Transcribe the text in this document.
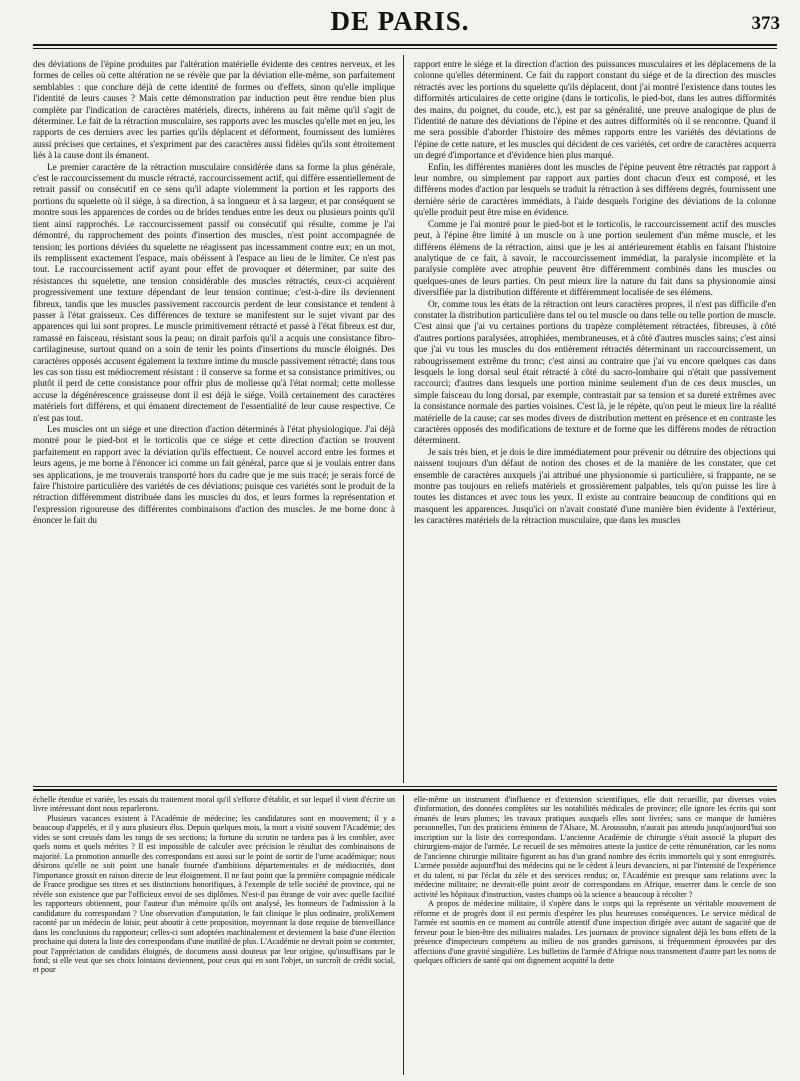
DE PARIS.	373

des déviations de l'épine produites par l'altération matérielle évidente des centres nerveux, et les formes de celles où cette altération ne se révèle que par la déviation elle-même, son parfaitement semblables : que conclure déjà de cette identité de formes ou d'effets, sinon qu'elle implique l'identité de leurs causes ? Mais cette démonstration par induction peut être rendue bien plus complète par l'indication de caractères matériels, directs, inhérens au fait même qu'il s'agit de déterminer. Le fait de la rétraction musculaire, ses rapports avec les muscles qu'elle met en jeu, les rapports de ces derniers avec les parties qu'ils déplacent et déforment, fournissent des lumières aussi précises que certaines, et s'expriment par des caractères aussi fidèles qu'ils sont étroitement liés à la cause dont ils émanent.

Le premier caractère de la rétraction musculaire considérée dans sa forme la plus générale, c'est le raccourcissement du muscle rétracté, raccourcissement actif, qui diffère essentiellement de retrait passif ou consécutif en ce sens qu'il adapte violemment la portion et les rapports des portions du squelette où il siége, à sa direction, à sa longueur et à sa largeur, et par conséquent se montre sous les apparences de cordes ou de brides tendues entre les deux ou plusieurs points qu'il tient ainsi rapprochés. Le raccourcissement passif ou consécutif qui résulte, comme je l'ai démontré, du rapprochement des points d'insertion des muscles, n'est point accompagnée de tension; les portions déviées du squelette ne réagissent pas incessamment contre eux; en un mot, ils remplissent exactement l'espace, mais obéissent à l'espace au lieu de le limiter. Ce n'est pas tout. Le raccourcissement actif ayant pour effet de provoquer et déterminer, par suite des résistances du squelette, une tension considérable des muscles rétractés, ceux-ci acquièrent progressivement une texture dépendant de leur tension continue; c'est-à-dire ils deviennent fibreux, tandis que les muscles passivement raccourcis perdent de leur consistance et tendent à passer à l'état graisseux. Ces différences de texture se manifestent sur le sujet vivant par des apparences qui lui sont propres. Le muscle primitivement rétracté et passé à l'état fibreux est dur, ramassé en faisceau, résistant sous la peau; on dirait parfois qu'il a acquis une consistance fibro-cartilagineuse, surtout quand on a soin de tenir les points d'insertions du muscle éloignés. Des caractères opposés accusent également la texture intime du muscle passivement rétracté; dans tous les cas son tissu est médiocrement résistant : il conserve sa forme et sa consistance primitives, ou plutôt il perd de cette consistance pour offrir plus de mollesse qu'à l'état normal; cette mollesse accuse la dégénérescence graisseuse dont il est déjà le siége. Voilà certainement des caractères matériels fort différens, et qui émanent directement de l'essentialité de leur cause respective. Ce n'est pas tout.

Les muscles ont un siége et une direction d'action déterminés à l'état physiologique. J'ai déjà montré pour le pied-bot et le torticolis que ce siége et cette direction d'action se trouvent parfaitement en rapport avec la déviation qu'ils effectuent. Ce nouvel accord entre les formes et leurs agens, je me borne à l'énoncer ici comme un fait général, parce que si je voulais entrer dans ses applications, je me trouverais transporté hors du cadre que je me suis tracé; je serais forcé de faire l'histoire particulière des variétés de ces déviations; puisque ces variétés sont le produit de la rétraction différemment distribuée dans les muscles du dos, et leurs formes la représentation et l'expression rigoureuse des différentes combinaisons d'action des muscles. Je me borne donc à énoncer le fait du

rapport entre le siége et la direction d'action des puissances musculaires et les déplacemens de la colonne qu'elles déterminent. Ce fait du rapport constant du siége et de la direction des muscles rétractés avec les portions du squelette qu'ils déplacent, dont j'ai montré l'existence dans toutes les difformités articulaires de cette origine (dans le torticolis, le pied-bot, dans les autres difformités des mains, du poignet, du coude, etc.), est par sa généralité, une preuve analogique de plus de l'identité de nature des déviations de l'épine et des autres difformités où il se rencontre. Quand il me sera possible d'aborder l'histoire des mêmes rapports entre les variétés des déviations de l'épine de cette nature, et les muscles qui décident de ces variétés, cet ordre de caractères acquerra un degré d'importance et d'évidence bien plus marqué.

Enfin, les différentes manières dont les muscles de l'épine peuvent être rétractés par rapport à leur nombre, ou simplement par rapport aux parties dont chacun d'eux est composé, et les différens modes d'action par lesquels se traduit la rétraction à ses différens degrés, fournissent une dernière série de caractères immédiats, à l'aide desquels l'origine des déviations de la colonne qu'elle produit peut être mise en évidence.

Comme je l'ai montré pour le pied-bot et le torticolis, le raccourcissement actif des muscles peut, à l'épine être limité à un muscle ou à une portion seulement d'un même muscle, et les différens élémens de la rétraction, ainsi que je les ai antérieurement établis en faisant l'histoire analytique de ce fait, à savoir, le raccourcissement immédiat, la paralysie incomplète et la paralysie complète avec atrophie peuvent être différemment combinés dans les muscles ou quelques-unes de leurs parties. On peut mieux lire la nature du fait dans sa physionomie ainsi diversifiée par la distribution différente et différemment localisée de ses élémens.

Or, comme tous les états de la rétraction ont leurs caractères propres, il n'est pas difficile d'en constater la distribution particulière dans tel ou tel muscle ou dans telle ou telle portion de muscle. C'est ainsi que j'ai vu certaines portions du trapèze complètement rétractées, fibreuses, à côté d'autres portions paralysées, atrophiées, membraneuses, et à côté d'autres muscles sains; c'est ainsi que j'ai vu tous les muscles du dos entièrement rétractés déterminant un raccourcissement, un rabougrissement extrême du tronc; c'est ainsi au contraire que j'ai vu encore quelques cas dans lesquels le long dorsal seul était rétracté à côté du sacro-lombaire qui n'était que passivement raccourci; d'autres dans lesquels une portion minime seulement d'un de ces deux muscles, un simple faisceau du long dorsal, par exemple, contrastait par sa tension et sa dureté extrêmes avec la consistance normale des parties voisines. C'est là, je le répète, qu'on peut le mieux lire la réalité matérielle de la cause; car ses modes divers de distribution mettent en présence et en contraste les caractères opposés des modifications de texture et de forme que les différens modes de rétraction déterminent.

Je sais très bien, et je dois le dire immédiatement pour prévenir ou détruire des objections qui naissent toujours d'un défaut de notion des choses et de la manière de les constater, que cet ensemble de caractères auxquels j'ai attribué une physionomie si particulière, si frappante, ne se montre pas toujours en reliefs matériels et grossièrement palpables, tels qu'on puisse les lire à toutes les distances et avec tous les yeux. Il existe au contraire beaucoup de conditions qui en masquent les apparences. Jusqu'ici on n'avait constaté d'une manière bien évidente à l'extérieur, les caractères matériels de la rétraction musculaire, que dans les muscles

échelle étendue et variée, les essais du traitement moral qu'il s'efforce d'établir, et sur lequel il vient d'écrire un livre intéressant dont nous reparlerons.

Plusieurs vacances existent à l'Académie de médecine; les candidatures sont en mouvement; il y a beaucoup d'appelés, et il y aura plusieurs élus. Depuis quelques mois, la mort a visité souvent l'Académie; des vides se sont creusés dans les rangs de ses sections; la fortune du scrutin ne tardera pas à les combler, avec quels noms et quels mérites ? Il est impossible de calculer avec précision le résultat des combinaisons de majorité. La promotion annuelle des correspondans est aussi sur le point de sortir de l'urne académique; nous désirons qu'elle ne soit point une banale fournée d'ambitions départementales et de médiocrités, dont l'importance grossit en raison directe de leur éloignement. Il ne faut point que la première compagnie médicale de France prodigue ses titres et ses distinctions honorifiques, à l'exemple de telle société de province, qui ne révèle son existence que par l'officieux envoi de ses diplômes. N'est-il pas étrange de voir avec quelle facilité les rapporteurs obtiennent, pour l'auteur d'un mémoire qu'ils ont analysé, les honneurs de l'admission à la candidature du correspondant ? Une observation d'amputation, le fait clinique le plus ordinaire, proliXement raconté par un médecin de loisir, peut aboutir à cette proposition, moyennant la dose requise de bienveillance dans les conclusions du rapporteur; celles-ci sont adoptées machinalement et deviennent la base d'une élection prochaine qui dotera la liste des correspondans d'une inutilité de plus. L'Académie ne devrait point se contenter, pour l'appréciation de candidats éloignés, de documens aussi douteux par leur origine, qu'insuffisans par le fond; si elle veut que ses choix lointains deviennent, pour ceux qui en sont l'objet, un surcroît de crédit social, et pour

elle-même un instrument d'influence et d'extension scientifiques, elle doit recueillir, par diverses voies d'information, des données complètes sur les notabilités médicales de province; elle ignore les écrits qui sont émanés de leurs plumes; les travaux pratiques auxquels elles sont livrées; sans ce manque de lumières personnelles, l'un des praticiens éminens de l'Alsace, M. Aroussohn, n'aurait pas attendu jusqu'aujourd'hui son inscription sur la liste des correspondans. L'ancienne Académie de chirurgie s'était associé la plupart des chirurgiens-major de l'armée. Le recueil de ses mémoires atteste la justice de cette rémunération, car les noms de l'ancienne chirurgie militaire figurent au bas d'un grand nombre des écrits immortels qui y sont enregistrés. L'armée possède aujourd'hui des médecins qui ne le cèdent à leurs devanciers, ni par l'intensité de l'expérience et du talent, ni par l'éclat du zèle et des services rendus; or, l'Académie est presque sans relations avec la médecine militaire; ne devrait-elle point avoir de correspondans en Afrique, enserrer dans le cercle de son activité les hôpitaux d'instruction, vastes champs où la science a beaucoup à récolter ?

A propos de médecine militaire, il s'opère dans le corps qui la représente un véritable mouvement de réforme et de progrès dont il est permis d'espérer les plus heureuses conséquences. Le service médical de l'armée est soumis en ce moment au contrôle attentif d'une inspection dirigée avec autant de sagacité que de ferveur pour le bien-être des militaires malades. Les journaux de province signalent déjà les bons effets de la présence d'inspecteurs compétens au milieu de nos grandes garnisons, si fréquemment éprouvées par des affections d'une gravité singulière. Les bulletins de l'armée d'Afrique nous transmettent d'autre part les noms de quelques officiers de santé qui ont dignement acquitté la dette
